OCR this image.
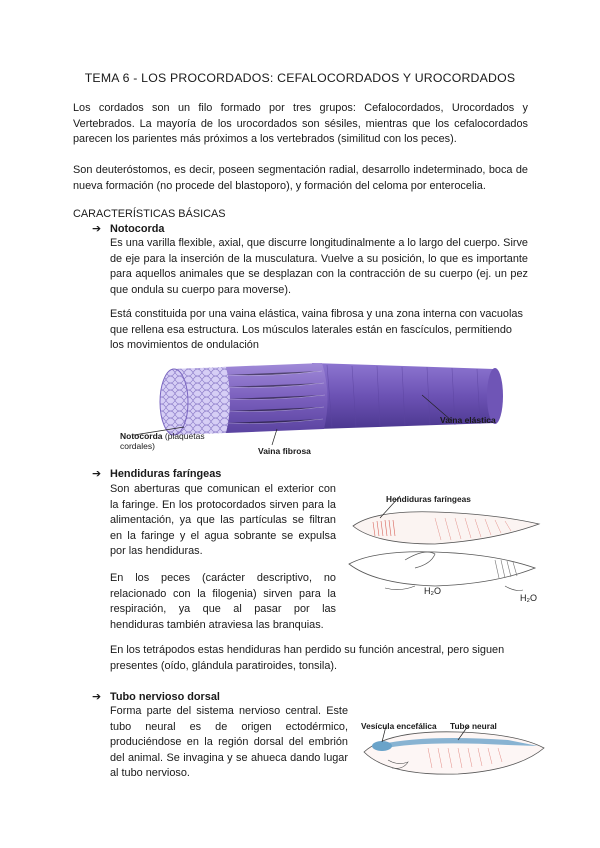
TEMA 6 - LOS PROCORDADOS: CEFALOCORDADOS Y UROCORDADOS
Los cordados son un filo formado por tres grupos: Cefalocordados, Urocordados y Vertebrados. La mayoría de los urocordados son sésiles, mientras que los cefalocordados parecen los parientes más próximos a los vertebrados (similitud con los peces).
Son deuteróstomos, es decir, poseen segmentación radial, desarrollo indeterminado, boca de nueva formación (no procede del blastoporo), y formación del celoma por enterocelia.
CARACTERÍSTICAS BÁSICAS
➔ Notocorda
Es una varilla flexible, axial, que discurre longitudinalmente a lo largo del cuerpo. Sirve de eje para la inserción de la musculatura. Vuelve a su posición, lo que es importante para aquellos animales que se desplazan con la contracción de su cuerpo (ej. un pez que ondula su cuerpo para moverse).
Está constituida por una vaina elástica, vaina fibrosa y una zona interna con vacuolas que rellena esa estructura. Los músculos laterales están en fascículos, permitiendo los movimientos de ondulación
Notocorda (plaquetas cordales)	Vaina fibrosa
Vaina elástica
➔ Hendiduras faríngeas
Son aberturas que comunican el exterior con la faringe. En los protocordados sirven para la alimentación, ya que las partículas se filtran en la faringe y el agua sobrante se expulsa por las hendiduras.
En los peces (carácter descriptivo, no relacionado con la filogenia) sirven para la respiración, ya que al pasar por las hendiduras también atraviesa las branquias.
En los tetrápodos estas hendiduras han perdido su función ancestral, pero siguen presentes (oído, glándula paratiroides, tonsila).
Hendiduras faríngeas
H₂O
H₂O
➔ Tubo nervioso dorsal
Forma parte del sistema nervioso central. Este tubo neural es de origen ectodérmico, produciéndose en la región dorsal del embrión del animal. Se invagina y se ahueca dando lugar al tubo nervioso.
Vesícula encefálica Tubo neural
